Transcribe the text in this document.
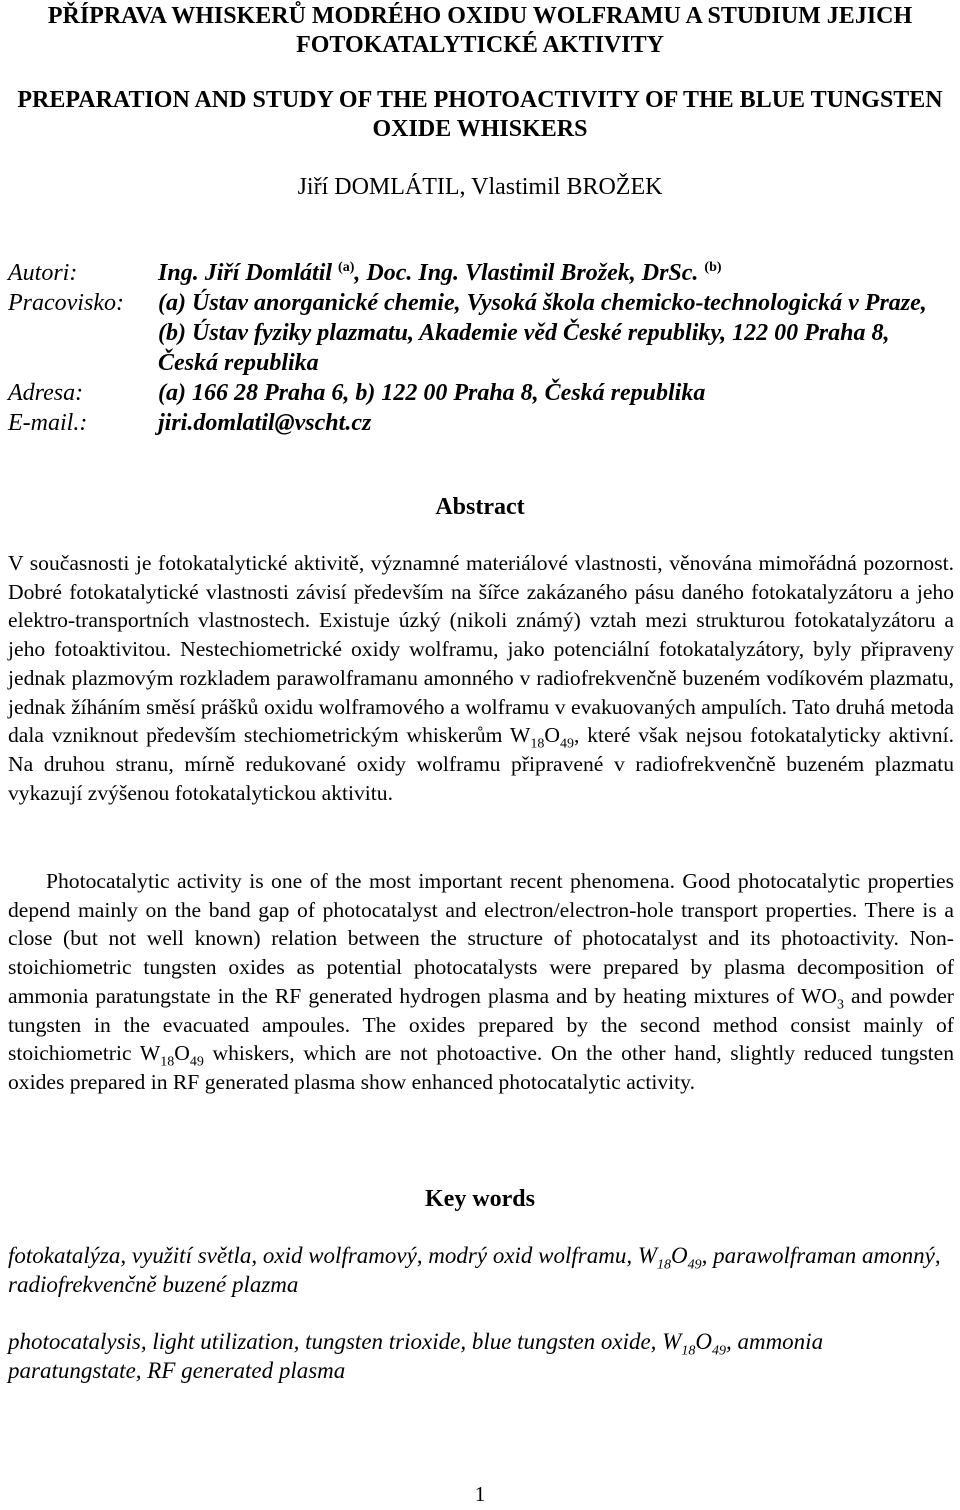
PŘÍPRAVA WHISKERŮ MODRÉHO OXIDU WOLFRAMU A STUDIUM JEJICH FOTOKATALYTICKÉ AKTIVITY
PREPARATION AND STUDY OF THE PHOTOACTIVITY OF THE BLUE TUNGSTEN OXIDE WHISKERS
Jiří DOMLÁTIL, Vlastimil BROŽEK
Autori:	Ing. Jiří Domlátil $^{(a)}$, Doc. Ing. Vlastimil Brožek, DrSc. $^{(b)}$
Pracovisko:	(a) Ústav anorganické chemie, Vysoká škola chemicko-technologická v Praze, (b) Ústav fyziky plazmatu, Akademie věd České republiky, 122 00 Praha 8, Česká republika
Adresa:	(a) 166 28 Praha 6, b) 122 00 Praha 8, Česká republika
E-mail.:	jiri.domlatil@vscht.cz
Abstract

V současnosti je fotokatalytické aktivitě, významné materiálové vlastnosti, věnována mimořádná pozornost. Dobré fotokatalytické vlastnosti závisí především na šířce zakázaného pásu daného fotokatalyzátoru a jeho elektro-transportních vlastnostech. Existuje úzký (nikoli známý) vztah mezi strukturou fotokatalyzátoru a jeho fotoaktivitou. Nestechiometrické oxidy wolframu, jako potenciální fotokatalyzátory, byly připraveny jednak plazmovým rozkladem parawolframanu amonného v radiofrekvenčně buzeném vodíkovém plazmatu, jednak žíháním směsí prášků oxidu wolframového a wolframu v evakuovaných ampulích. Tato druhá metoda dala vzniknout především stechiometrickým whiskerům $W_{18}O_{49}$, které však nejsou fotokatalyticky aktivní. Na druhou stranu, mírně redukované oxidy wolframu připravené v radiofrekvenčně buzeném plazmatu vykazují zvýšenou fotokatalytickou aktivitu.

Photocatalytic activity is one of the most important recent phenomena. Good photocatalytic properties depend mainly on the band gap of photocatalyst and electron/electron-hole transport properties. There is a close (but not well known) relation between the structure of photocatalyst and its photoactivity. Non-stoichiometric tungsten oxides as potential photocatalysts were prepared by plasma decomposition of ammonia paratungstate in the RF generated hydrogen plasma and by heating mixtures of $WO_3$ and powder tungsten in the evacuated ampoules. The oxides prepared by the second method consist mainly of stoichiometric $W_{18}O_{49}$ whiskers, which are not photoactive. On the other hand, slightly reduced tungsten oxides prepared in RF generated plasma show enhanced photocatalytic activity.

Key words

fotokatalýza, využití světla, oxid wolframový, modrý oxid wolframu, $W_{18}O_{49}$, parawolframan amonný, radiofrekvenčně buzené plazma

photocatalysis, light utilization, tungsten trioxide, blue tungsten oxide, $W_{18}O_{49}$, ammonia paratungstate, RF generated plasma

1
